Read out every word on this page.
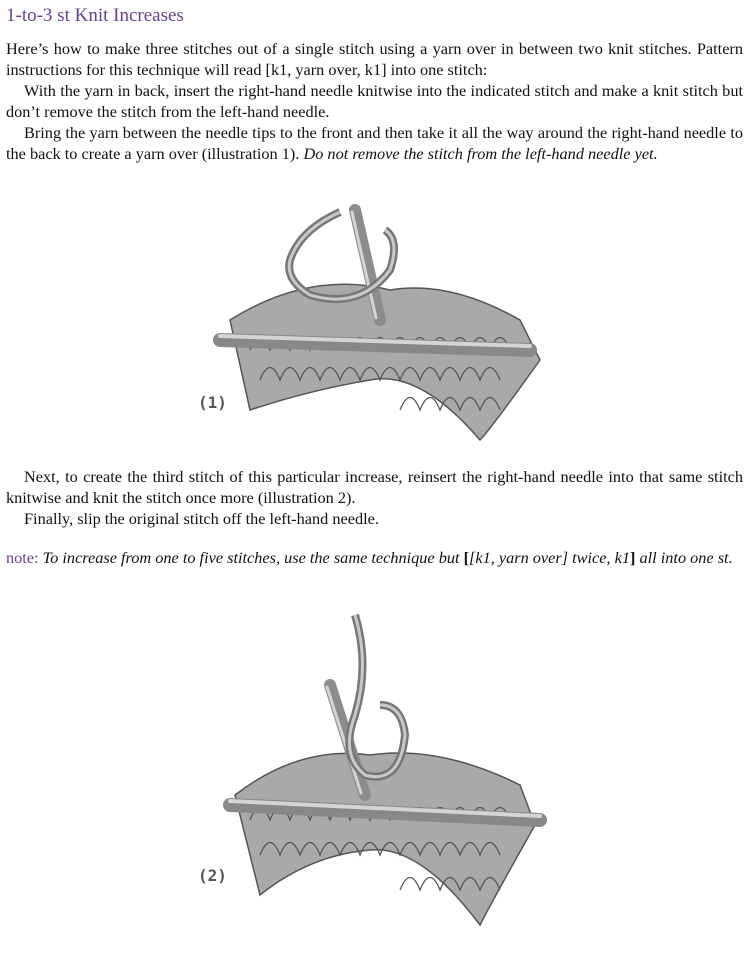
1-to-3 st Knit Increases

Here’s how to make three stitches out of a single stitch using a yarn over in between two knit stitches. Pattern instructions for this technique will read [k1, yarn over, k1] into one stitch:

With the yarn in back, insert the right-hand needle knitwise into the indicated stitch and make a knit stitch but don’t remove the stitch from the left-hand needle.

Bring the yarn between the needle tips to the front and then take it all the way around the right-hand needle to the back to create a yarn over (illustration 1). Do not remove the stitch from the left-hand needle yet.

(1)

Next, to create the third stitch of this particular increase, reinsert the right-hand needle into that same stitch knitwise and knit the stitch once more (illustration 2).

Finally, slip the original stitch off the left-hand needle.

note: To increase from one to five stitches, use the same technique but [[k1, yarn over] twice, k1] all into one st.

(2)
